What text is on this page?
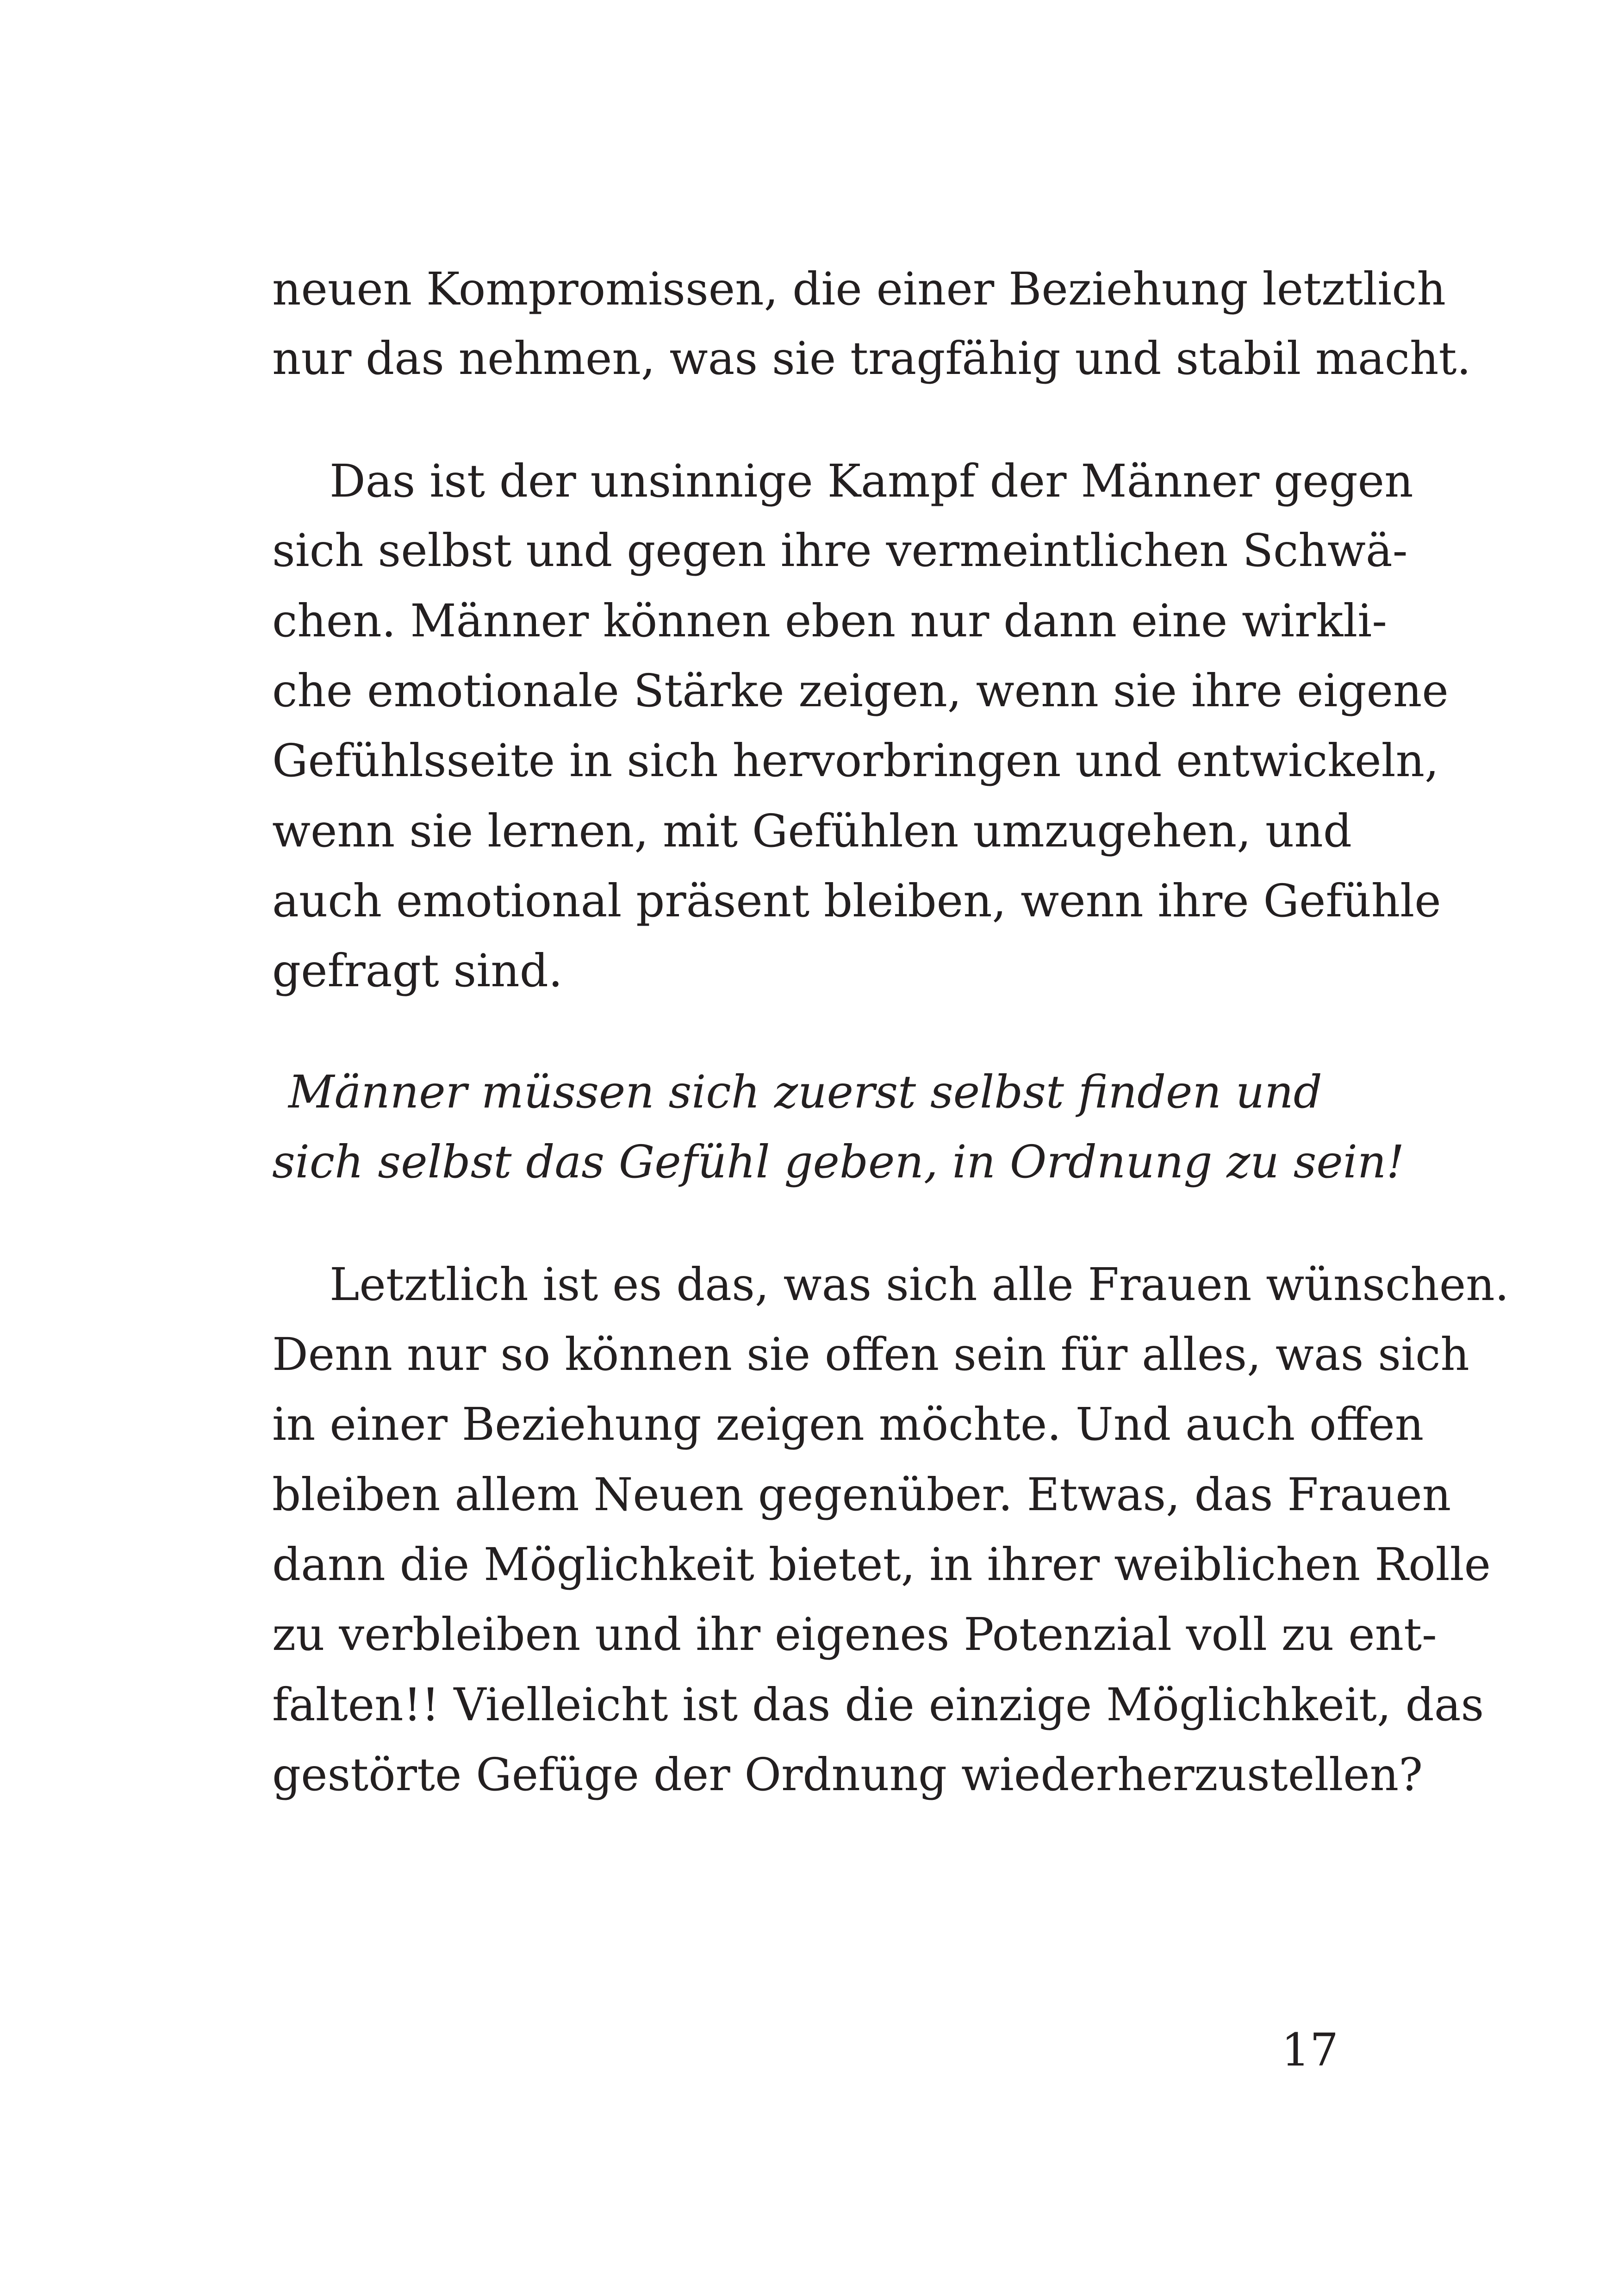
neuen Kompromissen, die einer Beziehung letztlich
nur das nehmen, was sie tragfähig und stabil macht.
Das ist der unsinnige Kampf der Männer gegen
sich selbst und gegen ihre vermeintlichen Schwä-
chen. Männer können eben nur dann eine wirkli-
che emotionale Stärke zeigen, wenn sie ihre eigene
Gefühlsseite in sich hervorbringen und entwickeln,
wenn sie lernen, mit Gefühlen umzugehen, und
auch emotional präsent bleiben, wenn ihre Gefühle
gefragt sind.
Männer müssen sich zuerst selbst finden und
sich selbst das Gefühl geben, in Ordnung zu sein!
Letztlich ist es das, was sich alle Frauen wünschen.
Denn nur so können sie offen sein für alles, was sich
in einer Beziehung zeigen möchte. Und auch offen
bleiben allem Neuen gegenüber. Etwas, das Frauen
dann die Möglichkeit bietet, in ihrer weiblichen Rolle
zu verbleiben und ihr eigenes Potenzial voll zu ent-
falten!! Vielleicht ist das die einzige Möglichkeit, das
gestörte Gefüge der Ordnung wiederherzustellen?
17
